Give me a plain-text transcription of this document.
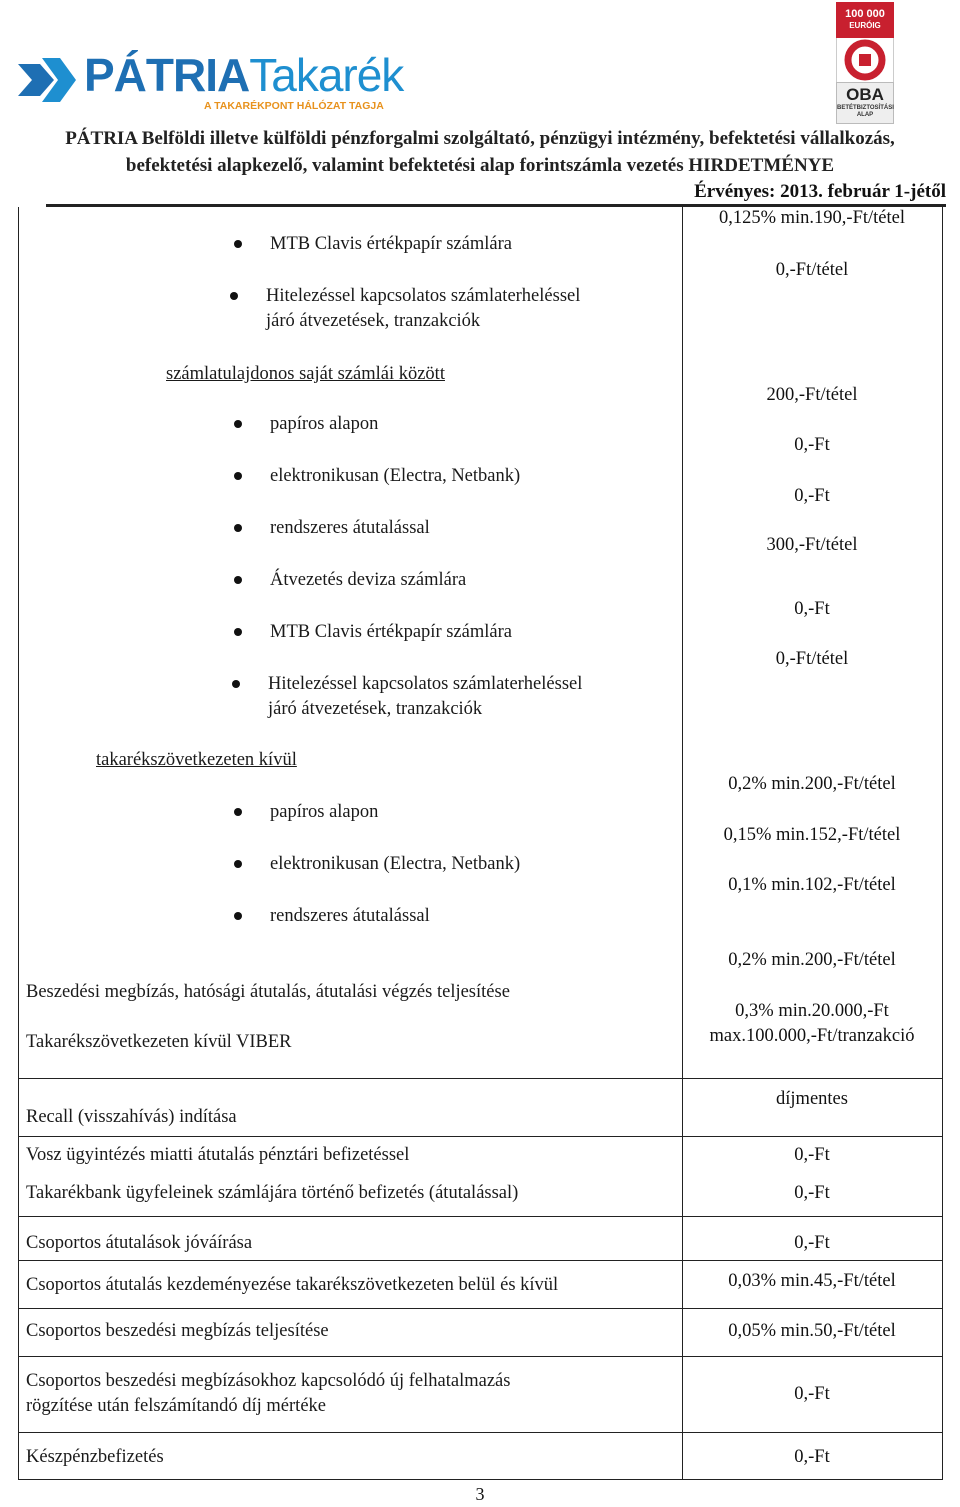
PÁTRIATakarék
A TAKARÉKPONT HÁLÓZAT TAGJA
100 000
EURÓIG
OBA
BETÉTBIZTOSÍTÁSI
ALAP
PÁTRIA Belföldi illetve külföldi pénzforgalmi szolgáltató, pénzügyi intézmény, befektetési vállalkozás,
befektetési alapkezelő, valamint befektetési alap forintszámla vezetés HIRDETMÉNYE
Érvényes: 2013. február 1-jétől
MTB Clavis értékpapír számlára
Hitelezéssel kapcsolatos számlaterheléssel
járó átvezetések, tranzakciók
számlatulajdonos saját számlái között
papíros alapon
elektronikusan (Electra, Netbank)
rendszeres átutalással
Átvezetés deviza számlára
MTB Clavis értékpapír számlára
Hitelezéssel kapcsolatos számlaterheléssel
járó átvezetések, tranzakciók
takarékszövetkezeten kívül
papíros alapon
elektronikusan (Electra, Netbank)
rendszeres átutalással
Beszedési megbízás, hatósági átutalás, átutalási végzés teljesítése
Takarékszövetkezeten kívül VIBER
Recall (visszahívás) indítása
Vosz ügyintézés miatti átutalás pénztári befizetéssel
Takarékbank ügyfeleinek számlájára történő befizetés (átutalással)
Csoportos átutalások jóváírása
Csoportos átutalás kezdeményezése takarékszövetkezeten belül és kívül
Csoportos beszedési megbízás teljesítése
Csoportos beszedési megbízásokhoz kapcsolódó új felhatalmazás
rögzítése után felszámítandó díj mértéke
Készpénzbefizetés
0,125% min.190,-Ft/tétel
0,-Ft/tétel
200,-Ft/tétel
0,-Ft
0,-Ft
300,-Ft/tétel
0,-Ft
0,-Ft/tétel
0,2% min.200,-Ft/tétel
0,15% min.152,-Ft/tétel
0,1% min.102,-Ft/tétel
0,2% min.200,-Ft/tétel
0,3% min.20.000,-Ft
max.100.000,-Ft/tranzakció
díjmentes
0,-Ft
0,-Ft
0,-Ft
0,03% min.45,-Ft/tétel
0,05% min.50,-Ft/tétel
0,-Ft
0,-Ft
3
